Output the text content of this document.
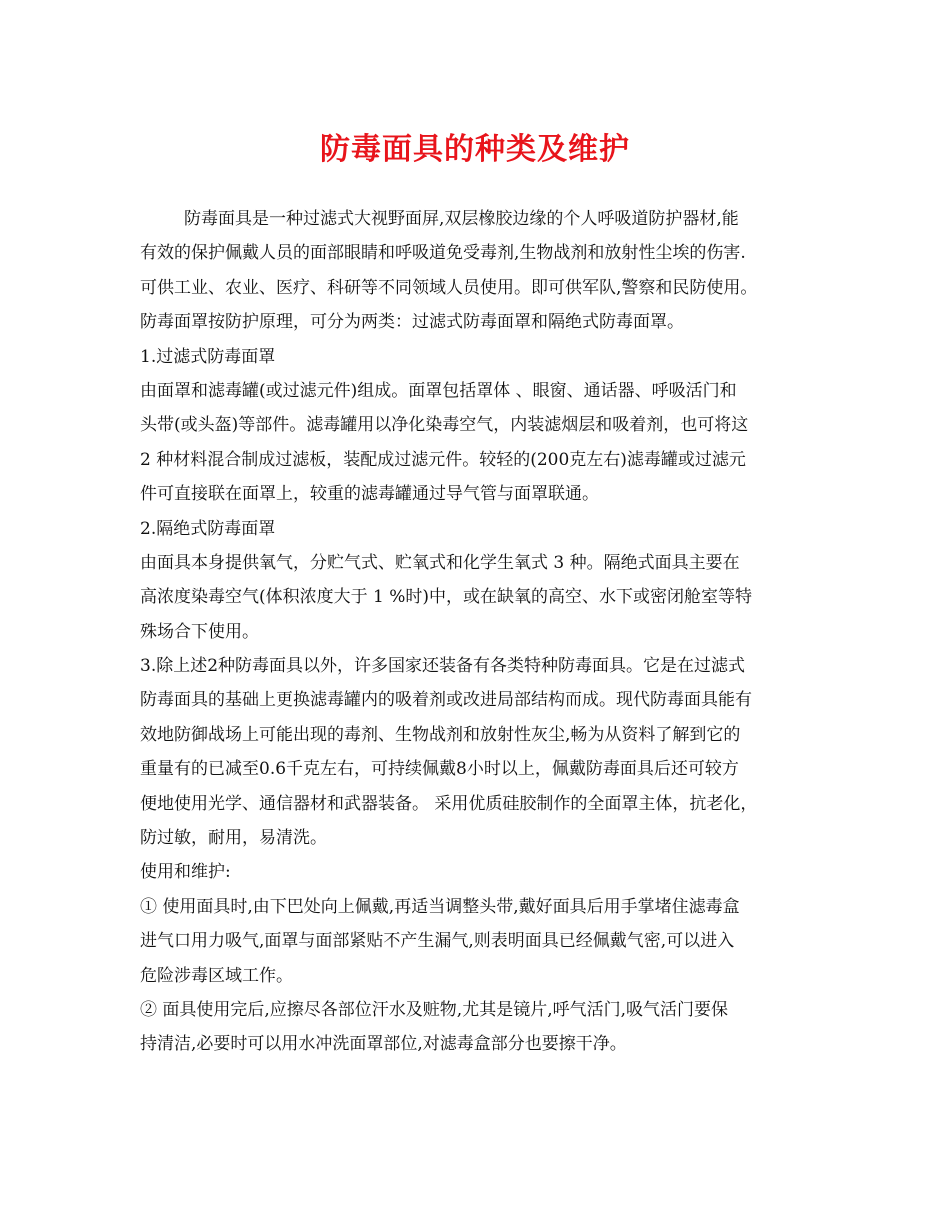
防毒面具的种类及维护
防毒面具是一种过滤式大视野面屏,双层橡胶边缘的个人呼吸道防护器材,能
有效的保护佩戴人员的面部眼睛和呼吸道免受毒剂,生物战剂和放射性尘埃的伤害.
可供工业、农业、医疗、科研等不同领域人员使用。即可供军队,警察和民防使用。
防毒面罩按防护原理，可分为两类：过滤式防毒面罩和隔绝式防毒面罩。
1.过滤式防毒面罩
由面罩和滤毒罐(或过滤元件)组成。面罩包括罩体 、眼窗、通话器、呼吸活门和
头带(或头盔)等部件。滤毒罐用以净化染毒空气，内装滤烟层和吸着剂，也可将这
2 种材料混合制成过滤板，装配成过滤元件。较轻的(200克左右)滤毒罐或过滤元
件可直接联在面罩上，较重的滤毒罐通过导气管与面罩联通。
2.隔绝式防毒面罩
由面具本身提供氧气，分贮气式、贮氧式和化学生氧式 3 种。隔绝式面具主要在
高浓度染毒空气(体积浓度大于 1 %时)中，或在缺氧的高空、水下或密闭舱室等特
殊场合下使用。
3.除上述2种防毒面具以外，许多国家还装备有各类特种防毒面具。它是在过滤式
防毒面具的基础上更换滤毒罐内的吸着剂或改进局部结构而成。现代防毒面具能有
效地防御战场上可能出现的毒剂、生物战剂和放射性灰尘,畅为从资料了解到它的
重量有的已减至0.6千克左右，可持续佩戴8小时以上，佩戴防毒面具后还可较方
便地使用光学、通信器材和武器装备。 采用优质硅胶制作的全面罩主体，抗老化，
防过敏，耐用，易清洗。
使用和维护:
① 使用面具时,由下巴处向上佩戴,再适当调整头带,戴好面具后用手掌堵住滤毒盒
进气口用力吸气,面罩与面部紧贴不产生漏气,则表明面具已经佩戴气密,可以进入
危险涉毒区域工作。
② 面具使用完后,应擦尽各部位汗水及赃物,尤其是镜片,呼气活门,吸气活门要保
持清洁,必要时可以用水冲洗面罩部位,对滤毒盒部分也要擦干净。
